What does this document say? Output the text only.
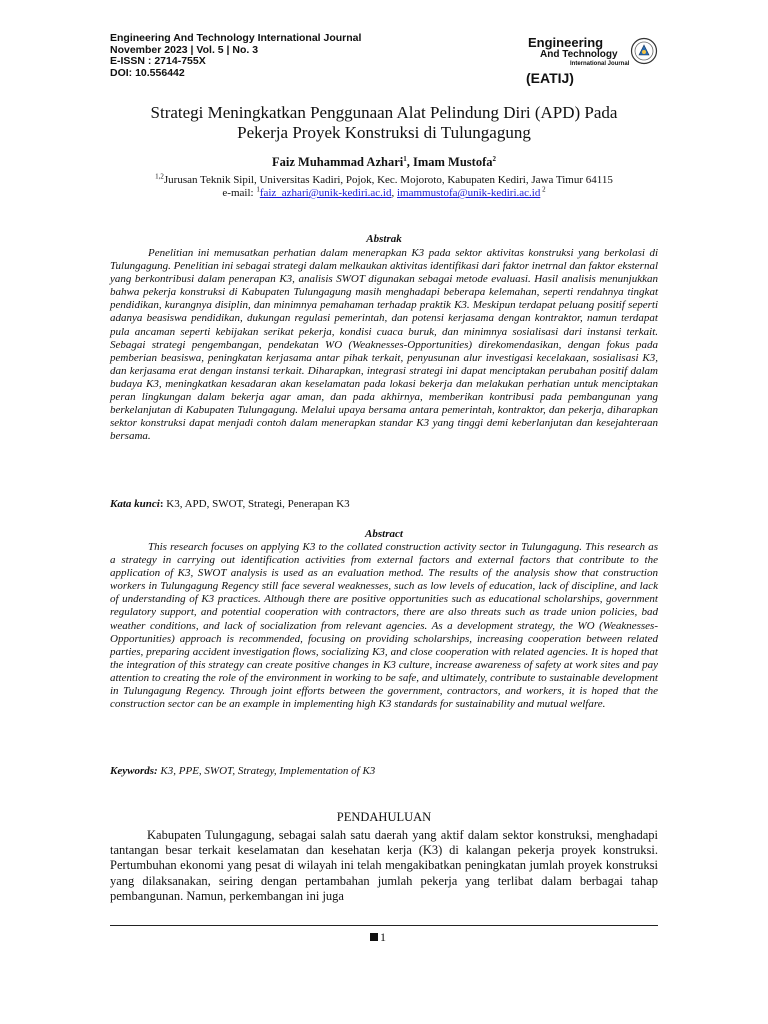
Engineering And Technology International Journal
November 2023 | Vol. 5 | No. 3
E-ISSN : 2714-755X
DOI: 10.556442
Engineering
And Technology
International Journal
(EATIJ)
Strategi Meningkatkan Penggunaan Alat Pelindung Diri (APD) Pada
Pekerja Proyek Konstruksi di Tulungagung
Faiz Muhammad Azhari$^1$, Imam Mustofa$^2$
$^{1,2}$Jurusan Teknik Sipil, Universitas Kadiri, Pojok, Kec. Mojoroto, Kabupaten Kediri, Jawa Timur 64115
e-mail: $^1$faiz_azhari@unik-kediri.ac.id, imammustofa@unik-kediri.ac.id $^2$
Abstrak
Penelitian ini memusatkan perhatian dalam menerapkan K3 pada sektor aktivitas konstruksi yang berkolasi di Tulungagung. Penelitian ini sebagai strategi dalam melkaukan aktivitas identifikasi dari faktor inetrnal dan faktor eksternal yang berkontribusi dalam penerapan K3, analisis SWOT digunakan sebagai metode evaluasi. Hasil analisis menunjukkan bahwa pekerja konstruksi di Kabupaten Tulungagung masih menghadapi beberapa kelemahan, seperti rendahnya tingkat pendidikan, kurangnya disiplin, dan minimnya pemahaman terhadap praktik K3. Meskipun terdapat peluang positif seperti adanya beasiswa pendidikan, dukungan regulasi pemerintah, dan potensi kerjasama dengan kontraktor, namun terdapat pula ancaman seperti kebijakan serikat pekerja, kondisi cuaca buruk, dan minimnya sosialisasi dari instansi terkait. Sebagai strategi pengembangan, pendekatan WO (Weaknesses-Opportunities) direkomendasikan, dengan fokus pada pemberian beasiswa, peningkatan kerjasama antar pihak terkait, penyusunan alur investigasi kecelakaan, sosialisasi K3, dan kerjasama erat dengan instansi terkait. Diharapkan, integrasi strategi ini dapat menciptakan perubahan positif dalam budaya K3, meningkatkan kesadaran akan keselamatan pada lokasi bekerja dan melakukan perhatian untuk menciptakan peran lingkungan dalam bekerja agar aman, dan pada akhirnya, memberikan kontribusi pada pembangunan yang berkelanjutan di Kabupaten Tulungagung. Melalui upaya bersama antara pemerintah, kontraktor, dan pekerja, diharapkan sektor konstruksi dapat menjadi contoh dalam menerapkan standar K3 yang tinggi demi keberlanjutan dan kesejahteraan bersama.
Kata kunci: K3, APD, SWOT, Strategi, Penerapan K3
Abstract
This research focuses on applying K3 to the collated construction activity sector in Tulungagung. This research as a strategy in carrying out identification activities from external factors and external factors that contribute to the application of K3, SWOT analysis is used as an evaluation method. The results of the analysis show that construction workers in Tulungagung Regency still face several weaknesses, such as low levels of education, lack of discipline, and lack of understanding of K3 practices. Although there are positive opportunities such as educational scholarships, government regulatory support, and potential cooperation with contractors, there are also threats such as trade union policies, bad weather conditions, and lack of socialization from relevant agencies. As a development strategy, the WO (Weaknesses-Opportunities) approach is recommended, focusing on providing scholarships, increasing cooperation between related parties, preparing accident investigation flows, socializing K3, and close cooperation with related agencies. It is hoped that the integration of this strategy can create positive changes in K3 culture, increase awareness of safety at work sites and pay attention to creating the role of the environment in working to be safe, and ultimately, contribute to sustainable development in Tulungagung Regency. Through joint efforts between the government, contractors, and workers, it is hoped that the construction sector can be an example in implementing high K3 standards for sustainability and mutual welfare.
Keywords: K3, PPE, SWOT, Strategy, Implementation of K3
PENDAHULUAN
Kabupaten Tulungagung, sebagai salah satu daerah yang aktif dalam sektor konstruksi, menghadapi tantangan besar terkait keselamatan dan kesehatan kerja (K3) di kalangan pekerja proyek konstruksi. Pertumbuhan ekonomi yang pesat di wilayah ini telah mengakibatkan peningkatan jumlah proyek konstruksi yang dilaksanakan, seiring dengan pertambahan jumlah pekerja yang terlibat dalam berbagai tahap pembangunan. Namun, perkembangan ini juga
1
